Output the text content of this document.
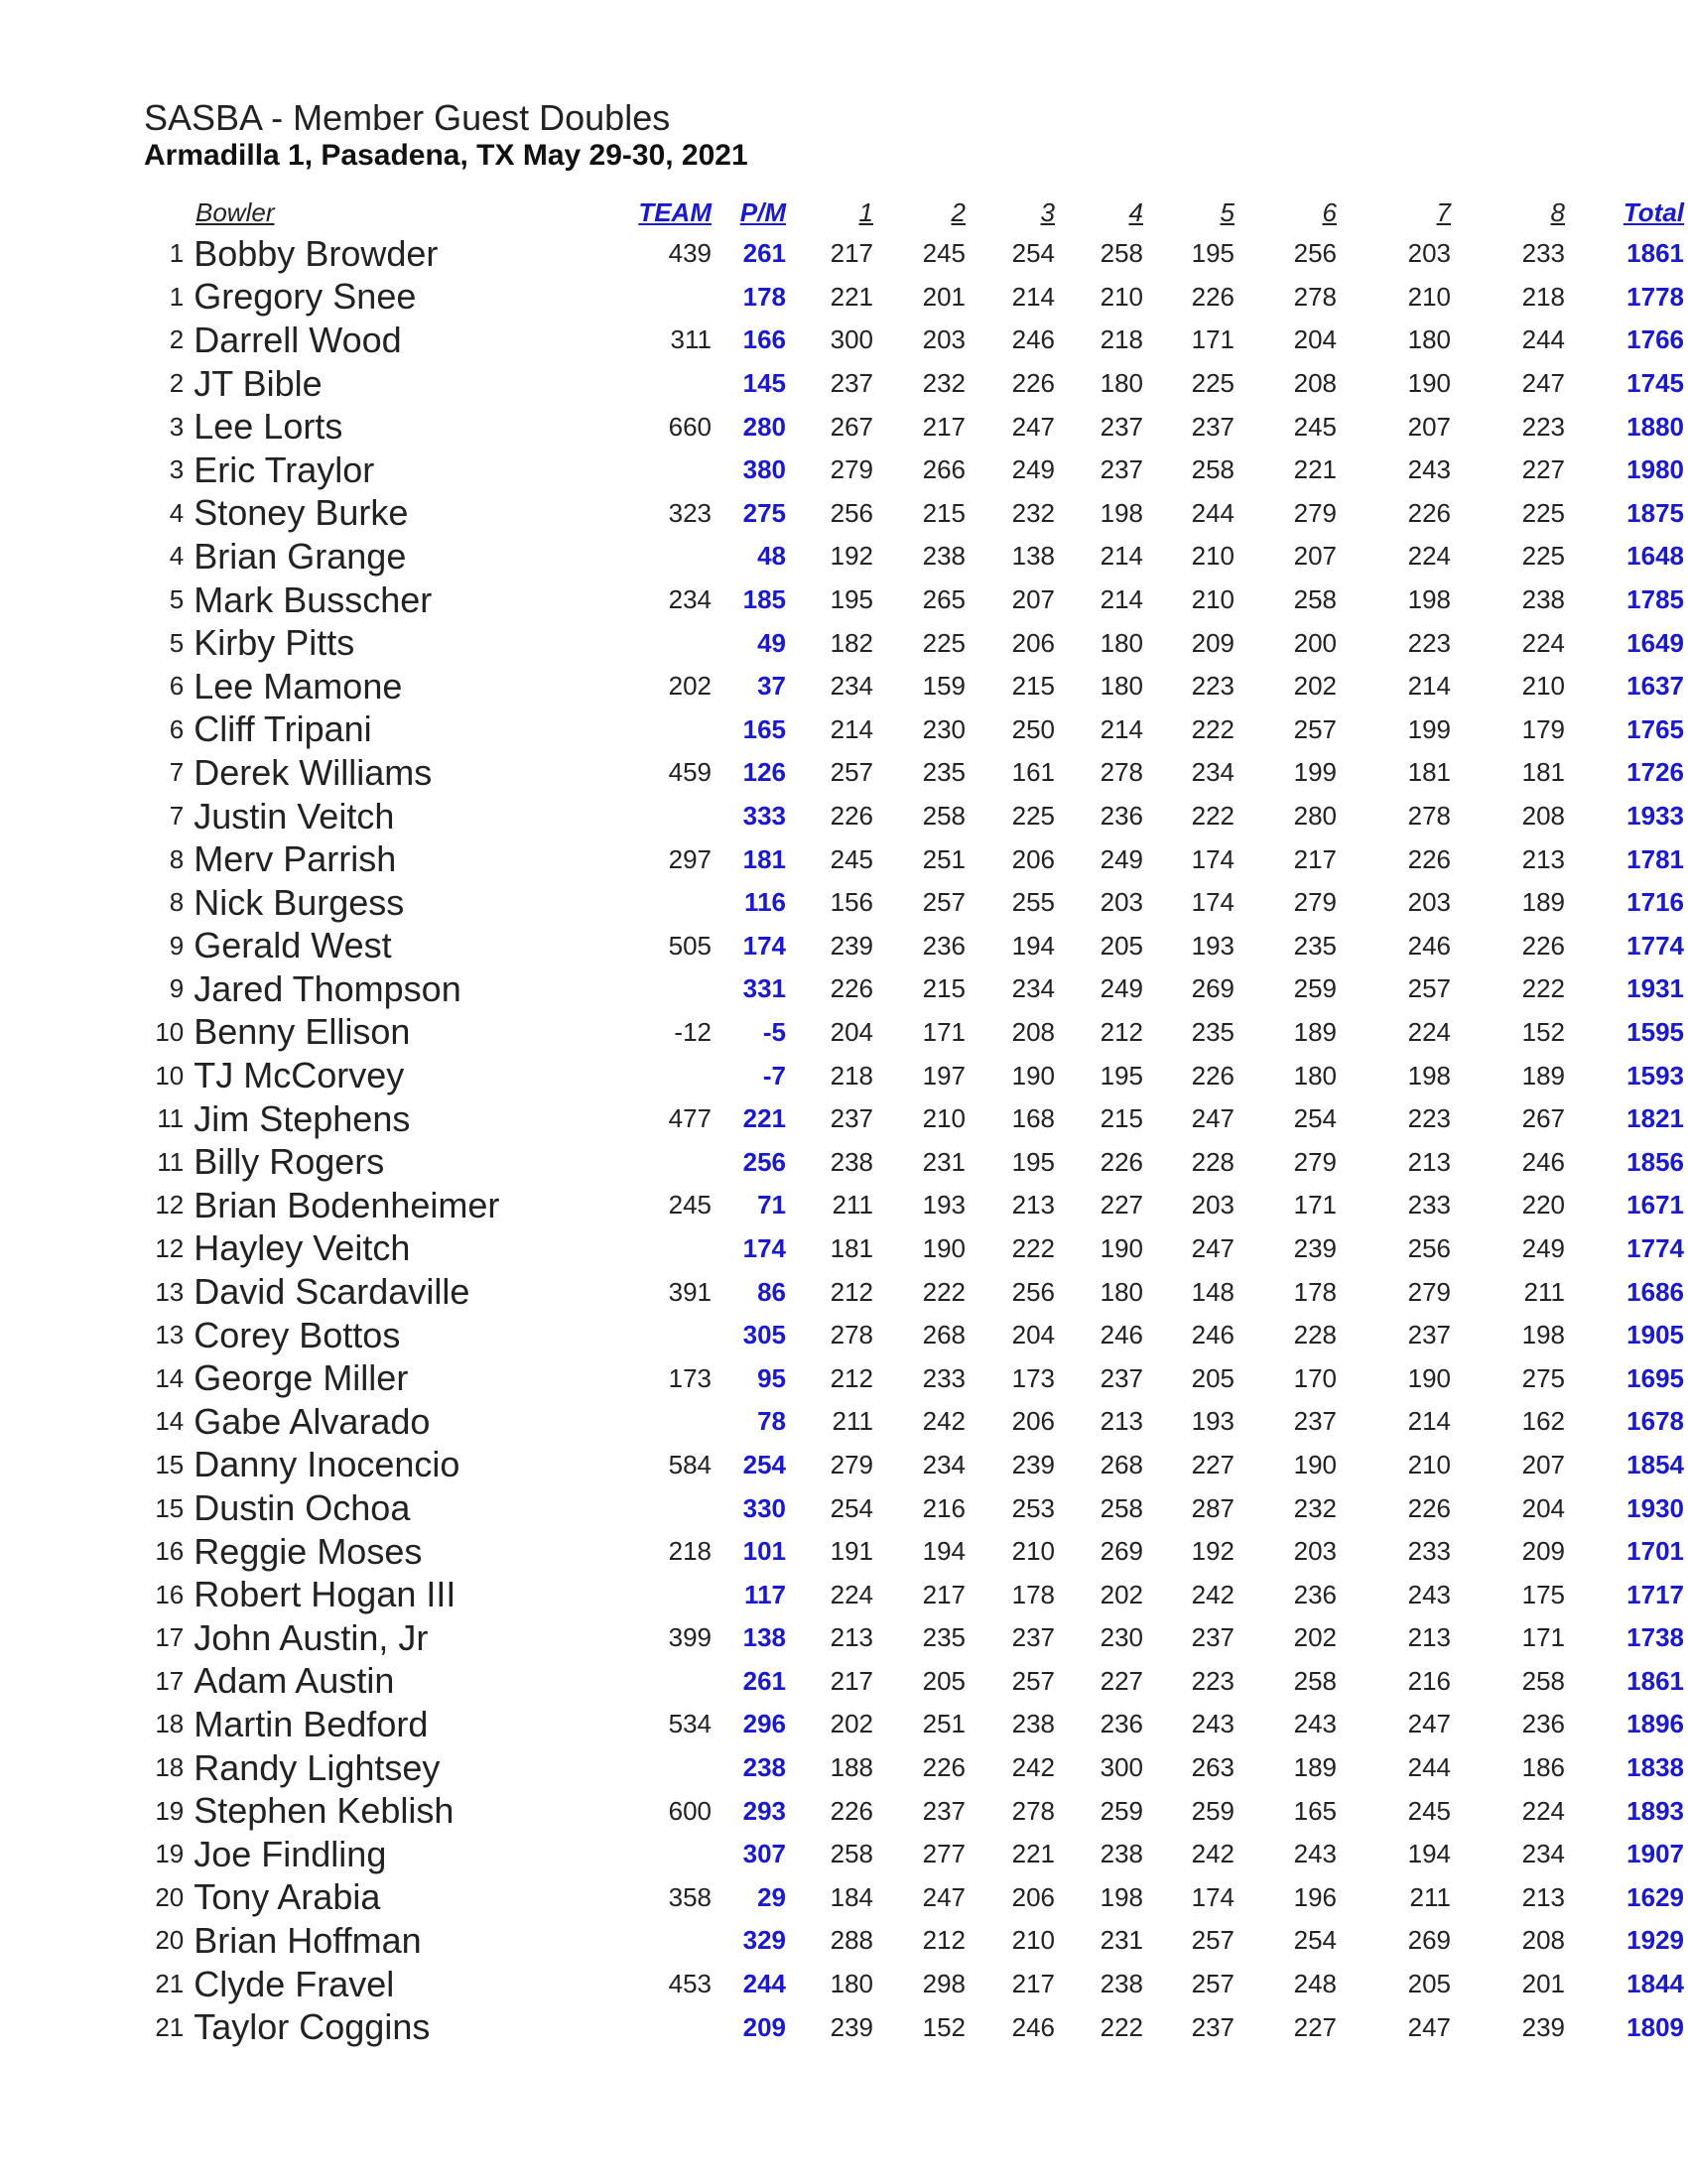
SASBA - Member Guest Doubles
Armadilla 1, Pasadena, TX May 29-30, 2021
Bowler		TEAM	P/M	1	2	3	4	5	6	7	8	Total
1	Bobby Browder	439	261	217	245	254	258	195	256	203	233	1861
1	Gregory Snee		178	221	201	214	210	226	278	210	218	1778
2	Darrell Wood	311	166	300	203	246	218	171	204	180	244	1766
2	JT Bible		145	237	232	226	180	225	208	190	247	1745
3	Lee Lorts	660	280	267	217	247	237	237	245	207	223	1880
3	Eric Traylor		380	279	266	249	237	258	221	243	227	1980
4	Stoney Burke	323	275	256	215	232	198	244	279	226	225	1875
4	Brian Grange		48	192	238	138	214	210	207	224	225	1648
5	Mark Busscher	234	185	195	265	207	214	210	258	198	238	1785
5	Kirby Pitts		49	182	225	206	180	209	200	223	224	1649
6	Lee Mamone	202	37	234	159	215	180	223	202	214	210	1637
6	Cliff Tripani		165	214	230	250	214	222	257	199	179	1765
7	Derek Williams	459	126	257	235	161	278	234	199	181	181	1726
7	Justin Veitch		333	226	258	225	236	222	280	278	208	1933
8	Merv Parrish	297	181	245	251	206	249	174	217	226	213	1781
8	Nick Burgess		116	156	257	255	203	174	279	203	189	1716
9	Gerald West	505	174	239	236	194	205	193	235	246	226	1774
9	Jared Thompson		331	226	215	234	249	269	259	257	222	1931
10	Benny Ellison	-12	-5	204	171	208	212	235	189	224	152	1595
10	TJ McCorvey		-7	218	197	190	195	226	180	198	189	1593
11	Jim Stephens	477	221	237	210	168	215	247	254	223	267	1821
11	Billy Rogers		256	238	231	195	226	228	279	213	246	1856
12	Brian Bodenheimer	245	71	211	193	213	227	203	171	233	220	1671
12	Hayley Veitch		174	181	190	222	190	247	239	256	249	1774
13	David Scardaville	391	86	212	222	256	180	148	178	279	211	1686
13	Corey Bottos		305	278	268	204	246	246	228	237	198	1905
14	George Miller	173	95	212	233	173	237	205	170	190	275	1695
14	Gabe Alvarado		78	211	242	206	213	193	237	214	162	1678
15	Danny Inocencio	584	254	279	234	239	268	227	190	210	207	1854
15	Dustin Ochoa		330	254	216	253	258	287	232	226	204	1930
16	Reggie Moses	218	101	191	194	210	269	192	203	233	209	1701
16	Robert Hogan III		117	224	217	178	202	242	236	243	175	1717
17	John Austin, Jr	399	138	213	235	237	230	237	202	213	171	1738
17	Adam Austin		261	217	205	257	227	223	258	216	258	1861
18	Martin Bedford	534	296	202	251	238	236	243	243	247	236	1896
18	Randy Lightsey		238	188	226	242	300	263	189	244	186	1838
19	Stephen Keblish	600	293	226	237	278	259	259	165	245	224	1893
19	Joe Findling		307	258	277	221	238	242	243	194	234	1907
20	Tony Arabia	358	29	184	247	206	198	174	196	211	213	1629
20	Brian Hoffman		329	288	212	210	231	257	254	269	208	1929
21	Clyde Fravel	453	244	180	298	217	238	257	248	205	201	1844
21	Taylor Coggins		209	239	152	246	222	237	227	247	239	1809
